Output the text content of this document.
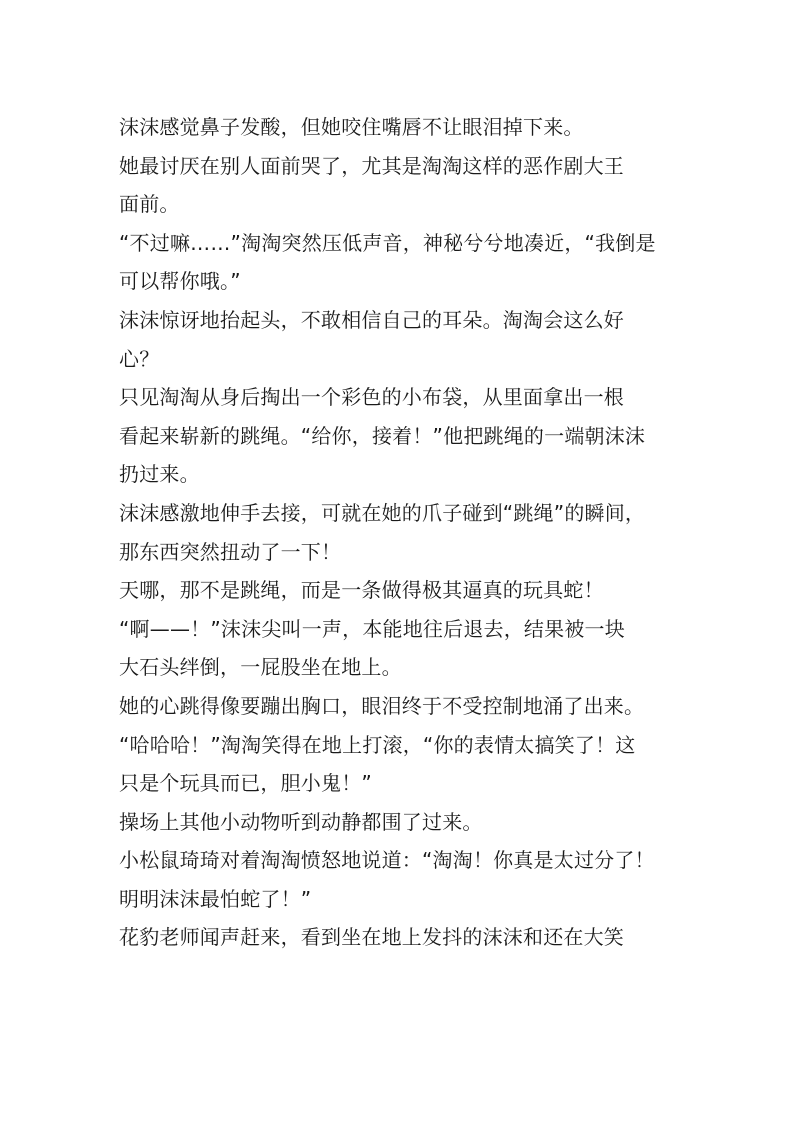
沫沫感觉鼻子发酸，但她咬住嘴唇不让眼泪掉下来。
她最讨厌在别人面前哭了，尤其是淘淘这样的恶作剧大王
面前。
“不过嘛……”淘淘突然压低声音，神秘兮兮地凑近，“我倒是
可以帮你哦。”
沫沫惊讶地抬起头，不敢相信自己的耳朵。淘淘会这么好
心？
只见淘淘从身后掏出一个彩色的小布袋，从里面拿出一根
看起来崭新的跳绳。“给你，接着！”他把跳绳的一端朝沫沫
扔过来。
沫沫感激地伸手去接，可就在她的爪子碰到“跳绳”的瞬间，
那东西突然扭动了一下！
天哪，那不是跳绳，而是一条做得极其逼真的玩具蛇！
“啊——！”沫沫尖叫一声，本能地往后退去，结果被一块
大石头绊倒，一屁股坐在地上。
她的心跳得像要蹦出胸口，眼泪终于不受控制地涌了出来。
“哈哈哈！”淘淘笑得在地上打滚，“你的表情太搞笑了！这
只是个玩具而已，胆小鬼！”
操场上其他小动物听到动静都围了过来。
小松鼠琦琦对着淘淘愤怒地说道：“淘淘！你真是太过分了！
明明沫沫最怕蛇了！”
花豹老师闻声赶来，看到坐在地上发抖的沫沫和还在大笑
